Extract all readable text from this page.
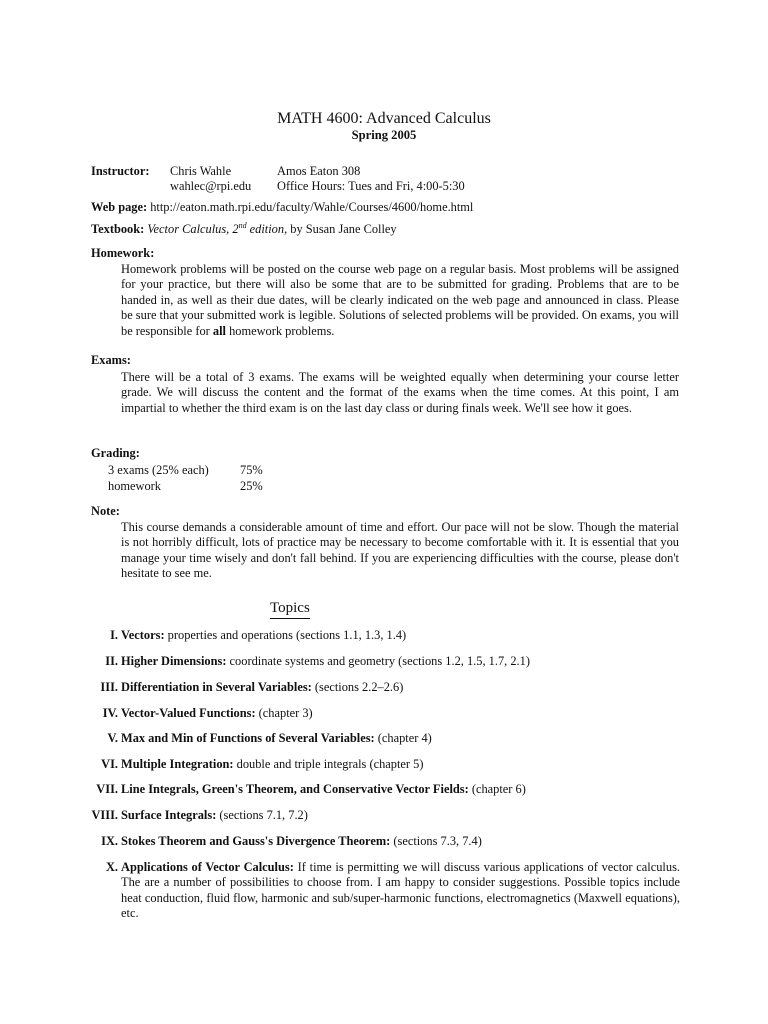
MATH 4600: Advanced Calculus
Spring 2005
Instructor: Chris Wahle
wahlec@rpi.edu
Amos Eaton 308
Office Hours: Tues and Fri, 4:00-5:30
Web page: http://eaton.math.rpi.edu/faculty/Wahle/Courses/4600/home.html
Textbook: Vector Calculus, 2nd edition, by Susan Jane Colley
Homework:
Homework problems will be posted on the course web page on a regular basis. Most problems will be assigned for your practice, but there will also be some that are to be submitted for grading. Problems that are to be handed in, as well as their due dates, will be clearly indicated on the web page and announced in class. Please be sure that your submitted work is legible. Solutions of selected problems will be provided. On exams, you will be responsible for all homework problems.
Exams:
There will be a total of 3 exams. The exams will be weighted equally when determining your course letter grade. We will discuss the content and the format of the exams when the time comes. At this point, I am impartial to whether the third exam is on the last day class or during finals week. We'll see how it goes.
Grading:
3 exams (25% each)	75%
homework	25%
Note:
This course demands a considerable amount of time and effort. Our pace will not be slow. Though the material is not horribly difficult, lots of practice may be necessary to become comfortable with it. It is essential that you manage your time wisely and don't fall behind. If you are experiencing difficulties with the course, please don't hesitate to see me.
Topics
I. Vectors: properties and operations (sections 1.1, 1.3, 1.4)
II. Higher Dimensions: coordinate systems and geometry (sections 1.2, 1.5, 1.7, 2.1)
III. Differentiation in Several Variables: (sections 2.2–2.6)
IV. Vector-Valued Functions: (chapter 3)
V. Max and Min of Functions of Several Variables: (chapter 4)
VI. Multiple Integration: double and triple integrals (chapter 5)
VII. Line Integrals, Green's Theorem, and Conservative Vector Fields: (chapter 6)
VIII. Surface Integrals: (sections 7.1, 7.2)
IX. Stokes Theorem and Gauss's Divergence Theorem: (sections 7.3, 7.4)
X. Applications of Vector Calculus: If time is permitting we will discuss various applications of vector calculus. The are a number of possibilities to choose from. I am happy to consider suggestions. Possible topics include heat conduction, fluid flow, harmonic and sub/super-harmonic functions, electromagnetics (Maxwell equations), etc.
